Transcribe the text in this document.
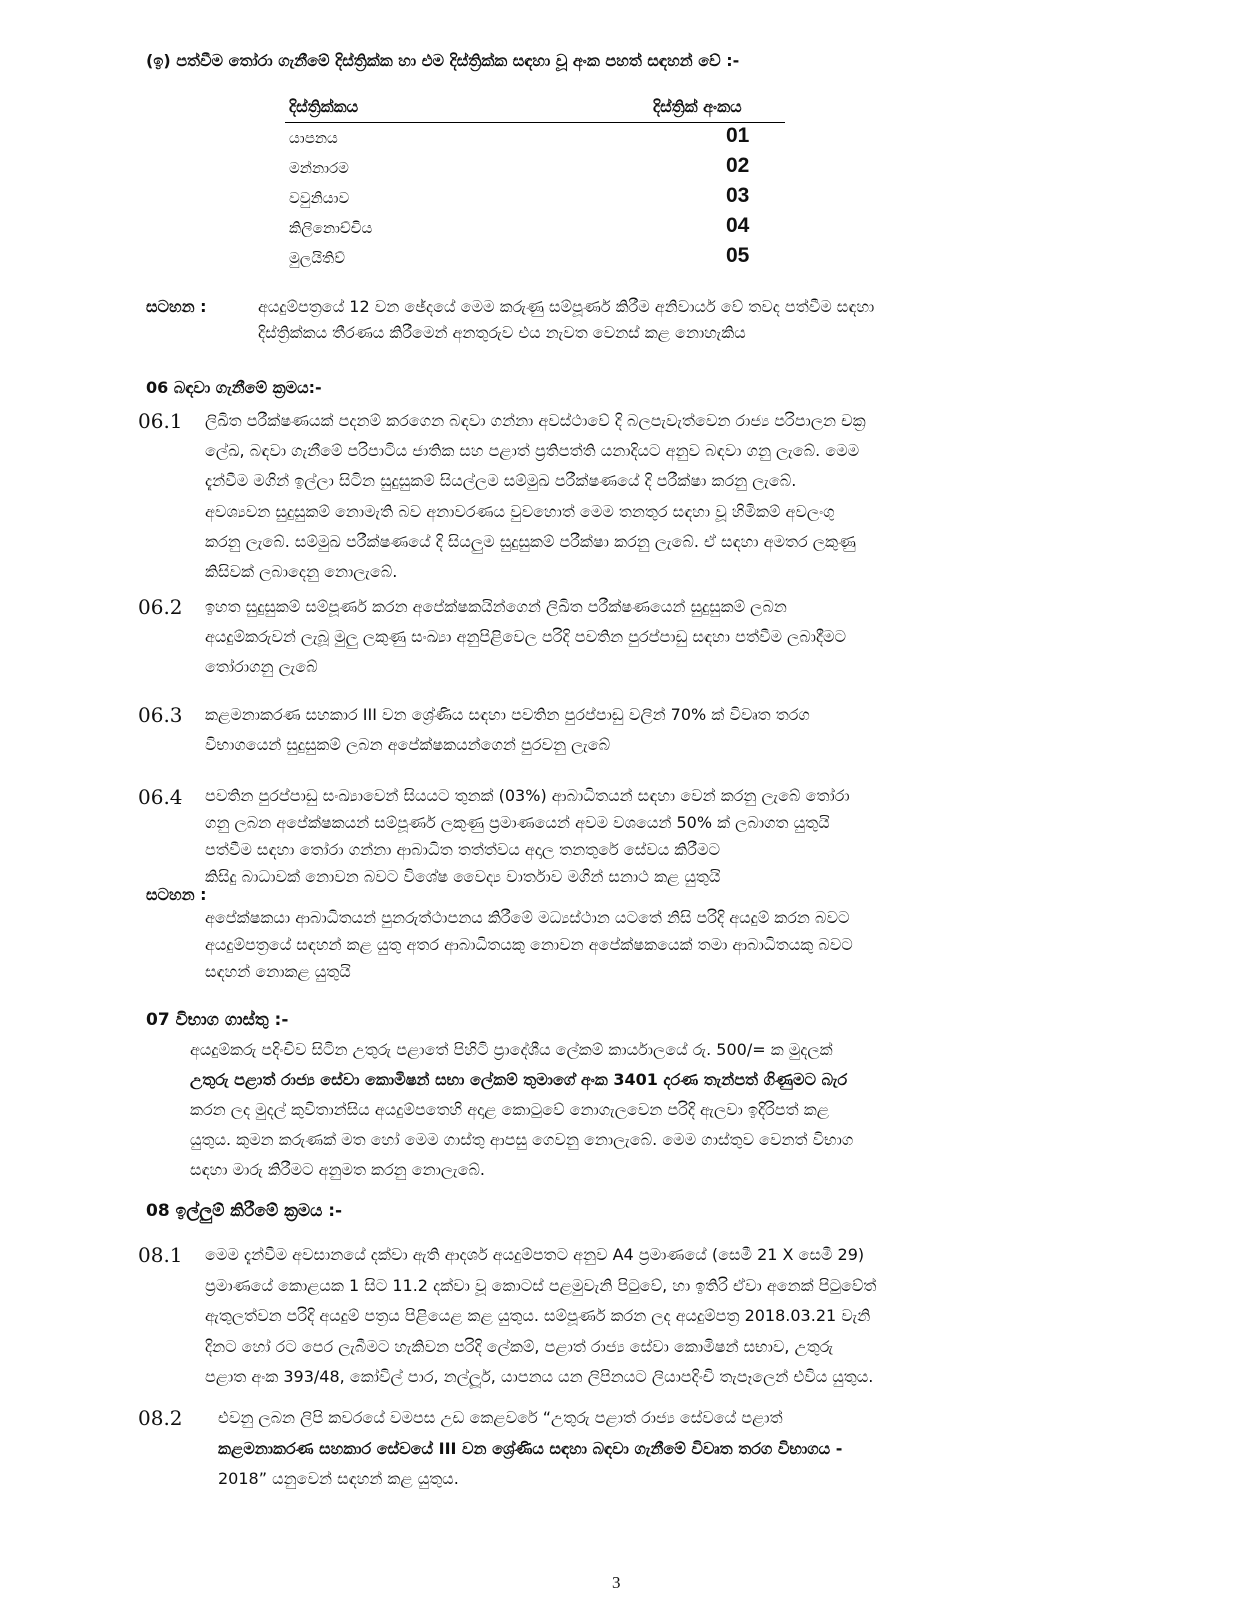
(ඉ) පත්වීම තෝරා ගැනීමේ දිස්ත්‍රික්ක හා එම දිස්ත්‍රික්ක සඳහා වූ අංක පහත් සඳහන් වේ :-
දිස්ත්‍රික්කය	දිස්ත්‍රික් අංකය
යාපනය	01
මන්නාරම	02
වවුනියාව	03
කිලිනොච්චිය	04
මුලයිතිව්	05
සටහන :	අයදුම්පත්‍රයේ 12 වන ඡේදයේ මෙම කරුණු සම්පූර්ණ කිරීම අනිවාර්ය වේ තවද පත්වීම සඳහා
දිස්ත්‍රික්කය තීරණය කිරීමෙන් අනතුරුව එය නැවත වෙනස් කළ නොහැකිය
06 බඳවා ගැනීමේ ක්‍රමය:-
06.1 ලිඛිත පරීක්ෂණයක් පදනම් කරගෙන බඳවා ගන්නා අවස්ථාවේ දි බලපැවැත්වෙන රාජ්‍ය පරිපාලන චක්‍ර
ලේඛ, බඳවා ගැනීමේ පරිපාටිය ජාතික සහ පළාත් ප්‍රතිපත්ති යනාදියට අනුව බඳවා ගනු ලැබේ. මෙම
දැන්වීම මගින් ඉල්ලා සිටින සුදුසුකම් සියල්ලම සම්මුඛ පරීක්ෂණයේ දි පරීක්ෂා කරනු ලැබේ.
අවශ්‍යවන සුදුසුකම් නොමැති බව අනාවරණය වුවහොත් මෙම තනතුර සඳහා වූ හිමිකම් අවලංගු
කරනු ලැබේ. සම්මුඛ පරීක්ෂණයේ දි සියලුම සුදුසුකම් පරීක්ෂා කරනු ලැබේ. ඒ සඳහා අමතර ලකුණු
කිසිවක් ලබාදෙනු නොලැබේ.
06.2 ඉහත සුදුසුකම් සම්පූර්ණ කරන අපේක්ෂකයින්ගෙන් ලිඛිත පරීක්ෂණයෙන් සුදුසුකම් ලබන
අයදුම්කරුවන් ලැබූ මුලු ලකුණු සංඛ්‍යා අනුපිළිවෙල පරිදි පවතින පුරප්පාඩු සඳහා පත්වීම ලබාදීමට
තෝරාගනු ලැබේ
06.3 කළමනාකරණ සහකාර III වන ශ්‍රේණිය සඳහා පවතින පුරප්පාඩු වලින් 70% ක් විවෘත තරග
විභාගයෙන් සුදුසුකම් ලබන අපේක්ෂකයන්ගෙන් පුරවනු ලැබේ
06.4 පවතින පුරප්පාඩු සංඛ්‍යාවෙන් සියයට තුනක් (03%) ආබාධිතයන් සඳහා වෙන් කරනු ලැබේ තෝරා
ගනු ලබන අපේක්ෂකයන් සම්පූර්ණ ලකුණු ප්‍රමාණයෙන් අවම වශයෙන් 50% ක් ලබාගත යුතුයි
පත්වීම සඳහා තෝරා ගන්නා ආබාධිත තත්ත්වය අදාල තනතුරේ සේවය කිරීමට
කිසිදු බාධාවක් නොවන බවට විශේෂ වෛද්‍ය වාර්තාව මගින් සනාථ කළ යුතුයි
සටහන :
අපේක්ෂකයා ආබාධිතයන් පුනරුත්ථාපනය කිරීමේ මධ්‍යස්ථාන යටතේ නිසි පරිදි අයදුම් කරන බවට
අයදුම්පත්‍රයේ සඳහන් කළ යුතු අතර ආබාධිතයකු නොවන අපේක්ෂකයෙක් තමා ආබාධිතයකු බවට
සඳහන් නොකළ යුතුයි
07 විභාග ගාස්තු :-
අයදුම්කරු පදිංචිව සිටින උතුරු පළාතේ පිහිටි ප්‍රාදේශීය ලේකම් කාර්යාලයේ රු. 500/= ක මුදලක්
උතුරු පළාත් රාජ්‍ය සේවා කොමිෂන් සභා ලේකම් තුමාගේ අංක 3401 දරණ තැන්පත් ගිණුමට බැර
කරන ලද මුදල් කුවිතාන්සිය අයදුම්පතෙහි අදාළ කොටුවේ නොගැලවෙන පරිදි ඇලවා ඉදිරිපත් කළ
යුතුය. කුමන කරුණක් මත හෝ මෙම ගාස්තු ආපසු ගෙවනු නොලැබේ. මෙම ගාස්තුව වෙනත් විභාග
සඳහා මාරු කිරීමට අනුමත කරනු නොලැබේ.
08 ඉල්ලුම් කිරීමේ ක්‍රමය :-
08.1 මෙම දැන්වීම අවසානයේ දක්වා ඇති ආදර්ශ අයදුම්පතට අනුව A4 ප්‍රමාණයේ (සෙමී 21 X සෙමී 29)
ප්‍රමාණයේ කොළයක 1 සිට 11.2 දක්වා වූ කොටස් පළමුවැනි පිටුවේ, හා ඉතිරි ඒවා අනෙක් පිටුවේත්
ඇතුලත්වන පරිදි අයදුම් පත්‍රය පිළියෙළ කළ යුතුය. සම්පූර්ණ කරන ලද අයදුම්පත්‍ර 2018.03.21 වැනි
දිනට හෝ රට පෙර ලැබීමට හැකිවන පරිදි ලේකම්, පළාත් රාජ්‍ය සේවා කොමිෂන් සභාව, උතුරු
පළාත අංක 393/48, කෝවිල් පාර, නල්ලූර්, යාපනය යන ලිපිනයට ලියාපදිංචි තැපෑලෙන් එවිය යුතුය.
08.2 එවනු ලබන ලිපි කවරයේ වමපස උඩ කෙළවරේ “උතුරු පළාත් රාජ්‍ය සේවයේ පළාත්
කළමනාකරණ සහකාර සේවයේ III වන ශ්‍රේණිය සඳහා බඳවා ගැනීමේ විවෘත තරග විභාගය -
2018” යනුවෙන් සඳහන් කළ යුතුය.
3
